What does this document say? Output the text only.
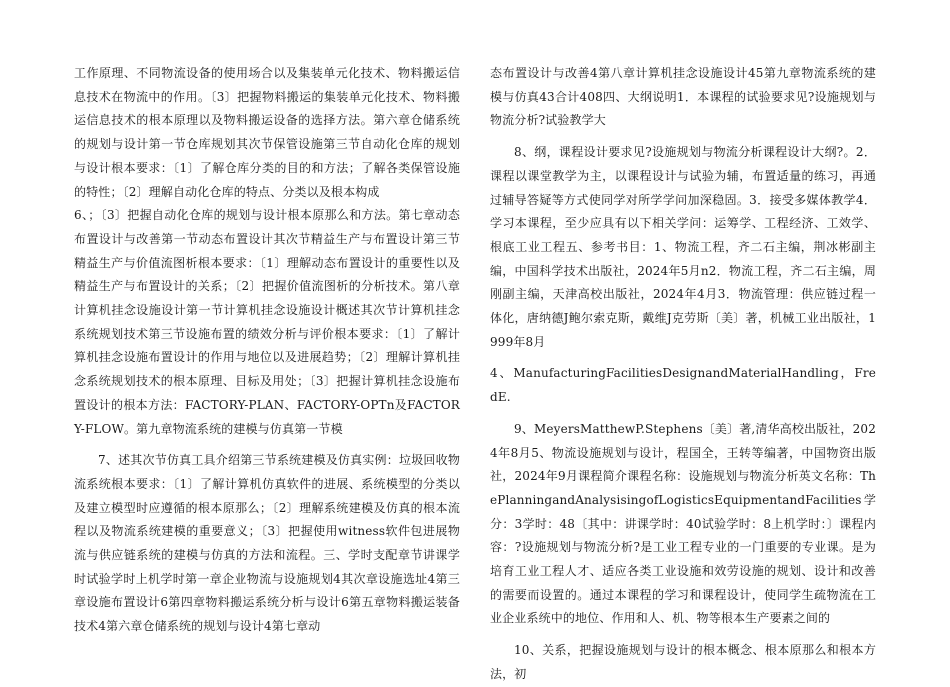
工作原理、不同物流设备的使用场合以及集装单元化技术、物料搬运信息技术在物流中的作用。〔3〕把握物料搬运的集装单元化技术、物料搬运信息技术的根本原理以及物料搬运设备的选择方法。第六章仓储系统的规划与设计第一节仓库规划其次节保管设施第三节自动化仓库的规划与设计根本要求：〔1〕了解仓库分类的目的和方法；了解各类保管设施的特性；〔2〕理解自动化仓库的特点、分类以及根本构成

6、；〔3〕把握自动化仓库的规划与设计根本原那么和方法。第七章动态布置设计与改善第一节动态布置设计其次节精益生产与布置设计第三节精益生产与价值流图析根本要求：〔1〕理解动态布置设计的重要性以及精益生产与布置设计的关系；〔2〕把握价值流图析的分析技术。第八章计算机挂念设施设计第一节计算机挂念设施设计概述其次节计算机挂念系统规划技术第三节设施布置的绩效分析与评价根本要求：〔1〕了解计算机挂念设施布置设计的作用与地位以及进展趋势；〔2〕理解计算机挂念系统规划技术的根本原理、目标及用处；〔3〕把握计算机挂念设施布置设计的根本方法：FACTORY-PLAN、FACTORY-OPTn及FACTORY-FLOW。第九章物流系统的建模与仿真第一节模

7、述其次节仿真工具介绍第三节系统建模及仿真实例：垃圾回收物流系统根本要求：〔1〕了解计算机仿真软件的进展、系统模型的分类以及建立模型时应遵循的根本原那么；〔2〕理解系统建模及仿真的根本流程以及物流系统建模的重要意义；〔3〕把握使用witness软件包进展物流与供应链系统的建模与仿真的方法和流程。三、学时支配章节讲课学时试验学时上机学时第一章企业物流与设施规划4其次章设施选址4第三章设施布置设计6第四章物料搬运系统分析与设计6第五章物料搬运装备技术4第六章仓储系统的规划与设计4第七章动

态布置设计与改善4第八章计算机挂念设施设计45第九章物流系统的建模与仿真43合计408四、大纲说明1．本课程的试验要求见?设施规划与物流分析?试验教学大

8、纲，课程设计要求见?设施规划与物流分析课程设计大纲?。2．课程以课堂教学为主，以课程设计与试验为辅，布置适量的练习，再通过辅导答疑等方式使同学对所学学问加深稳固。3．接受多媒体教学4．学习本课程，至少应具有以下相关学问：运筹学、工程经济、工效学、根底工业工程五、参考书目：1、物流工程，齐二石主编，荆冰彬副主编，中国科学技术出版社，2024年5月n2．物流工程，齐二石主编，周刚副主编，天津高校出版社，2024年4月3．物流管理：供应链过程一体化，唐纳德J鲍尔索克斯，戴维J克劳斯〔美〕著，机械工业出版社，1999年8月

4、ManufacturingFacilitiesDesignandMaterialHandling，FredE.

9、MeyersMatthewP.Stephens〔美〕著,清华高校出版社，2024年8月5、物流设施规划与设计，程国全，王转等编著，中国物资出版社，2024年9月课程简介课程名称：设施规划与物流分析英文名称：ThePlanningandAnalysisingofLogisticsEquipmentandFacilities学分：3学时：48〔其中：讲课学时：40试验学时：8上机学时：〕课程内容：?设施规划与物流分析?是工业工程专业的一门重要的专业课。是为培育工业工程人才、适应各类工业设施和效劳设施的规划、设计和改善的需要而设置的。通过本课程的学习和课程设计，使同学生疏物流在工业企业系统中的地位、作用和人、机、物等根本生产要素之间的

10、关系，把握设施规划与设计的根本概念、根本原那么和根本方法，初
